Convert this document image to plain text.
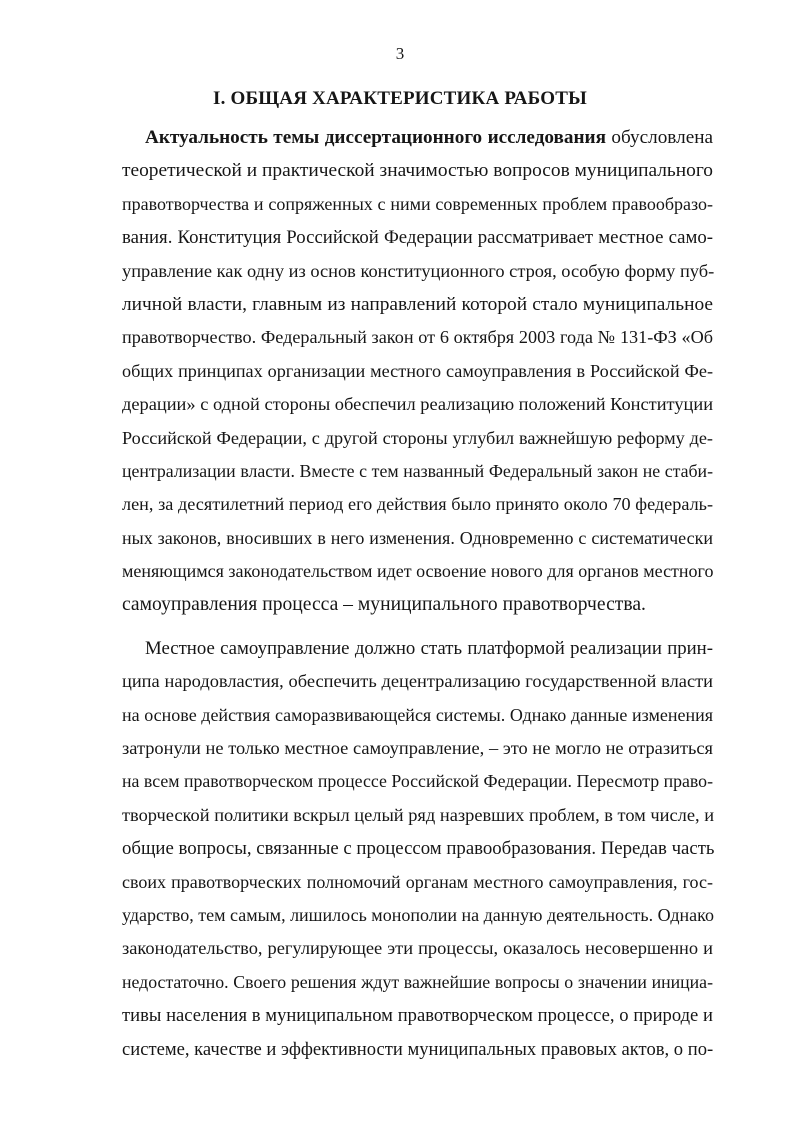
3
I. ОБЩАЯ ХАРАКТЕРИСТИКА РАБОТЫ
Актуальность темы диссертационного исследования обусловлена
теоретической и практической значимостью вопросов муниципального
правотворчества и сопряженных с ними современных проблем правообразо-
вания. Конституция Российской Федерации рассматривает местное само-
управление как одну из основ конституционного строя, особую форму пуб-
личной власти, главным из направлений которой стало муниципальное
правотворчество. Федеральный закон от 6 октября 2003 года № 131-ФЗ «Об
общих принципах организации местного самоуправления в Российской Фе-
дерации» с одной стороны обеспечил реализацию положений Конституции
Российской Федерации, с другой стороны углубил важнейшую реформу де-
централизации власти. Вместе с тем названный Федеральный закон не стаби-
лен, за десятилетний период его действия было принято около 70 федераль-
ных законов, вносивших в него изменения. Одновременно с систематически
меняющимся законодательством идет освоение нового для органов местного
самоуправления процесса – муниципального правотворчества.
Местное самоуправление должно стать платформой реализации прин-
ципа народовластия, обеспечить децентрализацию государственной власти
на основе действия саморазвивающейся системы. Однако данные изменения
затронули не только местное самоуправление, – это не могло не отразиться
на всем правотворческом процессе Российской Федерации. Пересмотр право-
творческой политики вскрыл целый ряд назревших проблем, в том числе, и
общие вопросы, связанные с процессом правообразования. Передав часть
своих правотворческих полномочий органам местного самоуправления, гос-
ударство, тем самым, лишилось монополии на данную деятельность. Однако
законодательство, регулирующее эти процессы, оказалось несовершенно и
недостаточно. Своего решения ждут важнейшие вопросы о значении инициа-
тивы населения в муниципальном правотворческом процессе, о природе и
системе, качестве и эффективности муниципальных правовых актов, о по-
